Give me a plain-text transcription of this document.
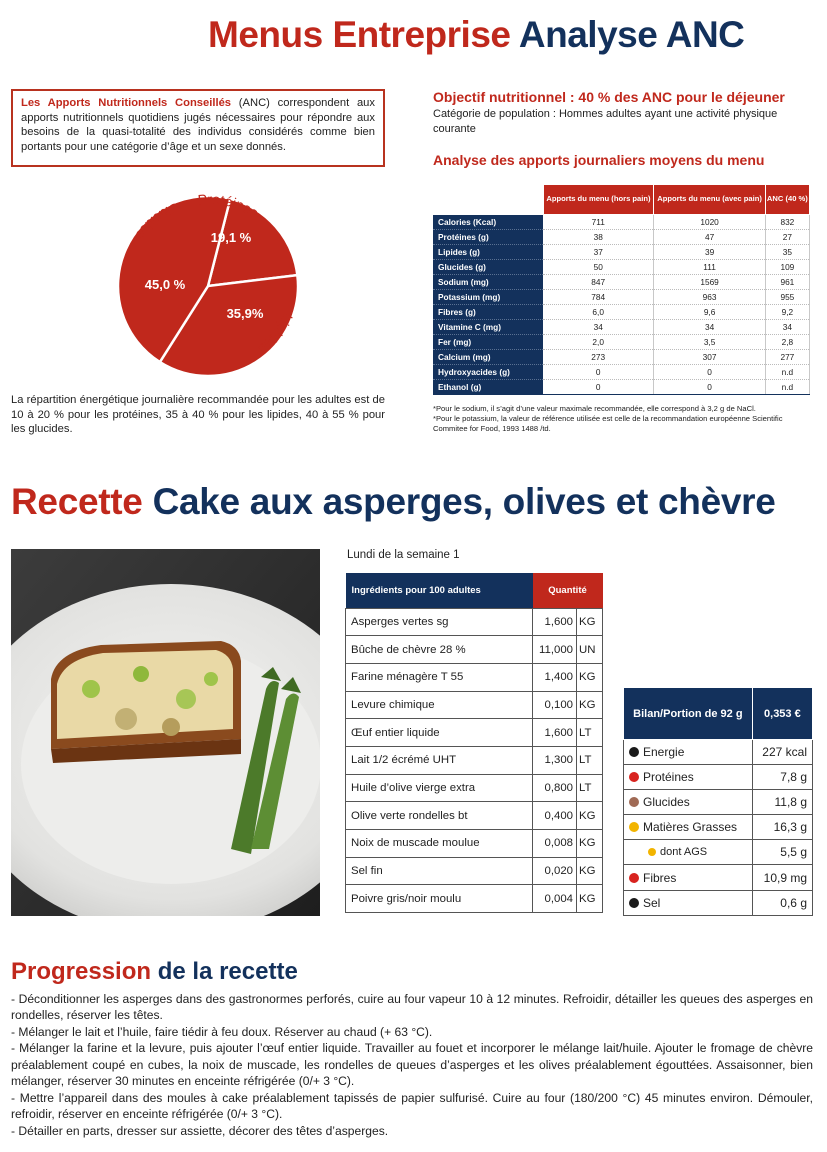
Menus Entreprise Analyse ANC
Les Apports Nutritionnels Conseillés (ANC) correspondent aux apports nutritionnels quotidiens jugés nécessaires pour répondre aux besoins de la quasi-totalité des individus considérés comme bien portants pour une catégorie d’âge et un sexe donnés.
Protéines
Glucides
Lipides
19,1 %
35,9%
45,0 %
La répartition énergétique journalière recommandée pour les adultes est de 10 à 20 % pour les protéines, 35 à 40 % pour les lipides, 40 à 55 % pour les glucides.
Objectif nutritionnel : 40 % des ANC pour le déjeuner
Catégorie de population : Hommes adultes ayant une activité physique courante
Analyse des apports journaliers moyens du menu
	Apports du menu (hors pain)	Apports du menu (avec pain)	ANC (40 %)
Calories (Kcal)	711	1020	832
Protéines (g)	38	47	27
Lipides (g)	37	39	35
Glucides (g)	50	111	109
Sodium (mg)	847	1569	961
Potassium (mg)	784	963	955
Fibres (g)	6,0	9,6	9,2
Vitamine C (mg)	34	34	34
Fer (mg)	2,0	3,5	2,8
Calcium (mg)	273	307	277
Hydroxyacides (g)	0	0	n.d
Ethanol (g)	0	0	n.d
*Pour le sodium, il s’agit d’une valeur maximale recommandée, elle correspond à 3,2 g de NaCl.
*Pour le potassium, la valeur de référence utilisée est celle de la recommandation européenne Scientific Commitee for Food, 1993 1488 /td.
Recette Cake aux asperges, olives et chèvre
Lundi de la semaine 1
Ingrédients pour 100 adultes	Quantité	
Asperges vertes sg	1,600	KG
Bûche de chèvre 28 %	11,000	UN
Farine ménagère T 55	1,400	KG
Levure chimique	0,100	KG
Œuf entier liquide	1,600	LT
Lait 1/2 écrémé UHT	1,300	LT
Huile d’olive vierge extra	0,800	LT
Olive verte rondelles bt	0,400	KG
Noix de muscade moulue	0,008	KG
Sel fin	0,020	KG
Poivre gris/noir moulu	0,004	KG
Bilan/Portion de 92 g	0,353 €
Energie	227 kcal
Protéines	7,8 g
Glucides	11,8 g
Matières Grasses	16,3 g
dont AGS	5,5 g
Fibres	10,9 mg
Sel	0,6 g
Progression de la recette

- Déconditionner les asperges dans des gastronormes perforés, cuire au four vapeur 10 à 12 minutes. Refroidir, détailler les queues des asperges en rondelles, réserver les têtes.

- Mélanger le lait et l’huile, faire tiédir à feu doux. Réserver au chaud (+ 63 °C).

- Mélanger la farine et la levure, puis ajouter l’œuf entier liquide. Travailler au fouet et incorporer le mélange lait/huile. Ajouter le fromage de chèvre préalablement coupé en cubes, la noix de muscade, les rondelles de queues d’asperges et les olives préalablement égouttées. Assaisonner, bien mélanger, réserver 30 minutes en enceinte réfrigérée (0/+ 3 °C).

- Mettre l’appareil dans des moules à cake préalablement tapissés de papier sulfurisé. Cuire au four (180/200 °C) 45 minutes environ. Démouler, refroidir, réserver en enceinte réfrigérée (0/+ 3 °C).

- Détailler en parts, dresser sur assiette, décorer des têtes d’asperges.
